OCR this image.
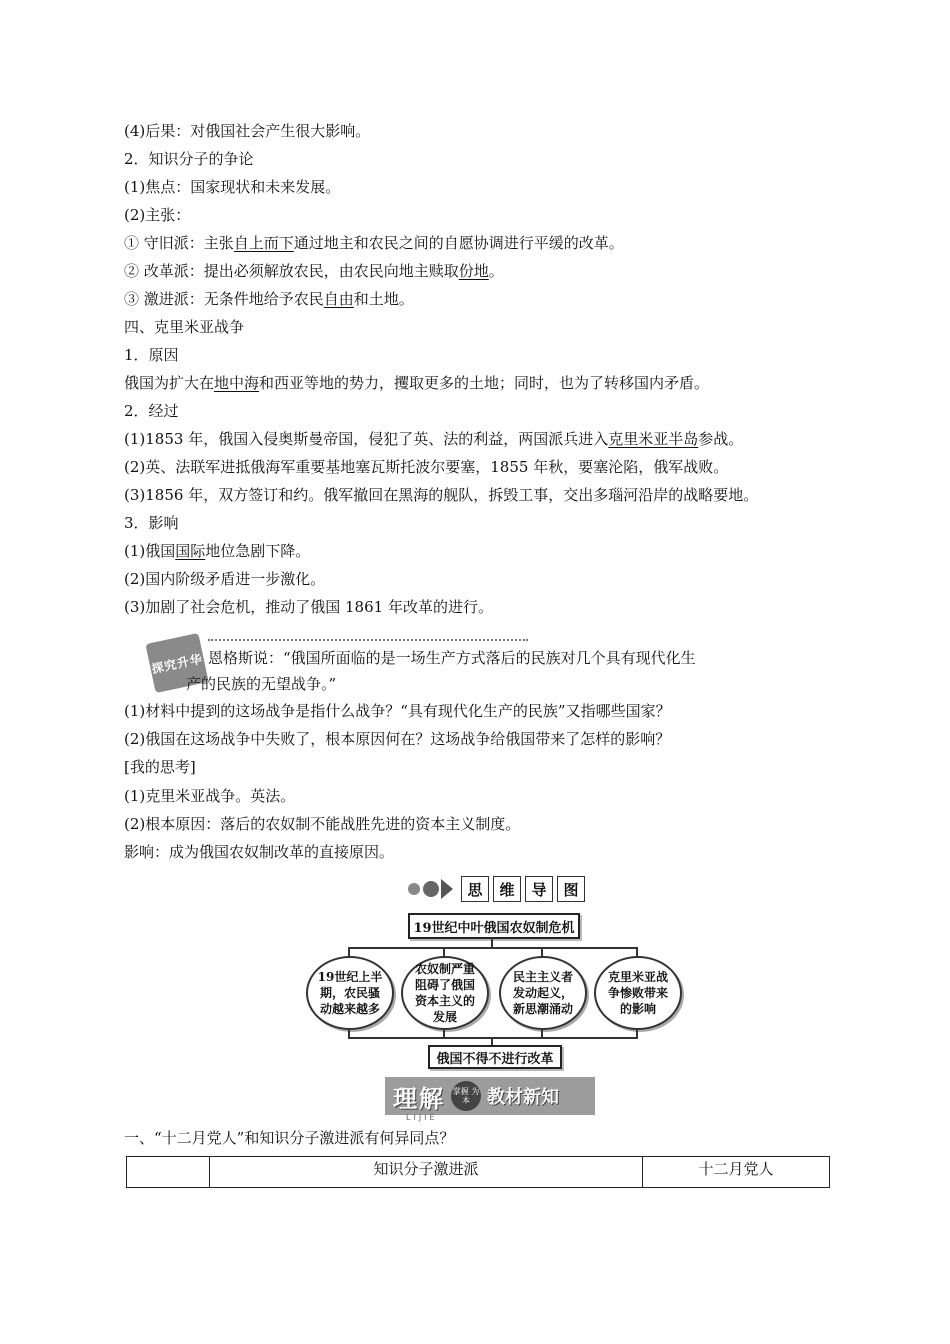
(4)后果：对俄国社会产生很大影响。
2．知识分子的争论
(1)焦点：国家现状和未来发展。
(2)主张：
① 守旧派：主张自上而下通过地主和农民之间的自愿协调进行平缓的改革。
② 改革派：提出必须解放农民，由农民向地主赎取份地。
③ 激进派：无条件地给予农民自由和土地。
四、克里米亚战争
1．原因
俄国为扩大在地中海和西亚等地的势力，攫取更多的土地；同时，也为了转移国内矛盾。
2．经过
(1)1853 年，俄国入侵奥斯曼帝国，侵犯了英、法的利益，两国派兵进入克里米亚半岛参战。
(2)英、法联军进抵俄海军重要基地塞瓦斯托波尔要塞，1855 年秋，要塞沦陷，俄军战败。
(3)1856 年，双方签订和约。俄军撤回在黑海的舰队，拆毁工事，交出多瑙河沿岸的战略要地。
3．影响
(1)俄国国际地位急剧下降。
(2)国内阶级矛盾进一步激化。
(3)加剧了社会危机，推动了俄国 1861 年改革的进行。
探究升华 恩格斯说：“俄国所面临的是一场生产方式落后的民族对几个具有现代化生
产的民族的无望战争。”
(1)材料中提到的这场战争是指什么战争？“具有现代化生产的民族”又指哪些国家？
(2)俄国在这场战争中失败了，根本原因何在？这场战争给俄国带来了怎样的影响？
[我的思考]
(1)克里米亚战争。英法。
(2)根本原因：落后的农奴制不能战胜先进的资本主义制度。
影响：成为俄国农奴制改革的直接原因。
思	维	导	图
19世纪中叶俄国农奴制危机
19世纪上半期，农民骚动越来越多
农奴制严重阻碍了俄国资本主义的发展
民主主义者发动起义，新思潮涌动
克里米亚战争惨败带来的影响
俄国不得不进行改革
理解 掌握 为本 教材新知
LIJIE
一、“十二月党人”和知识分子激进派有何异同点？
	知识分子激进派	十二月党人
